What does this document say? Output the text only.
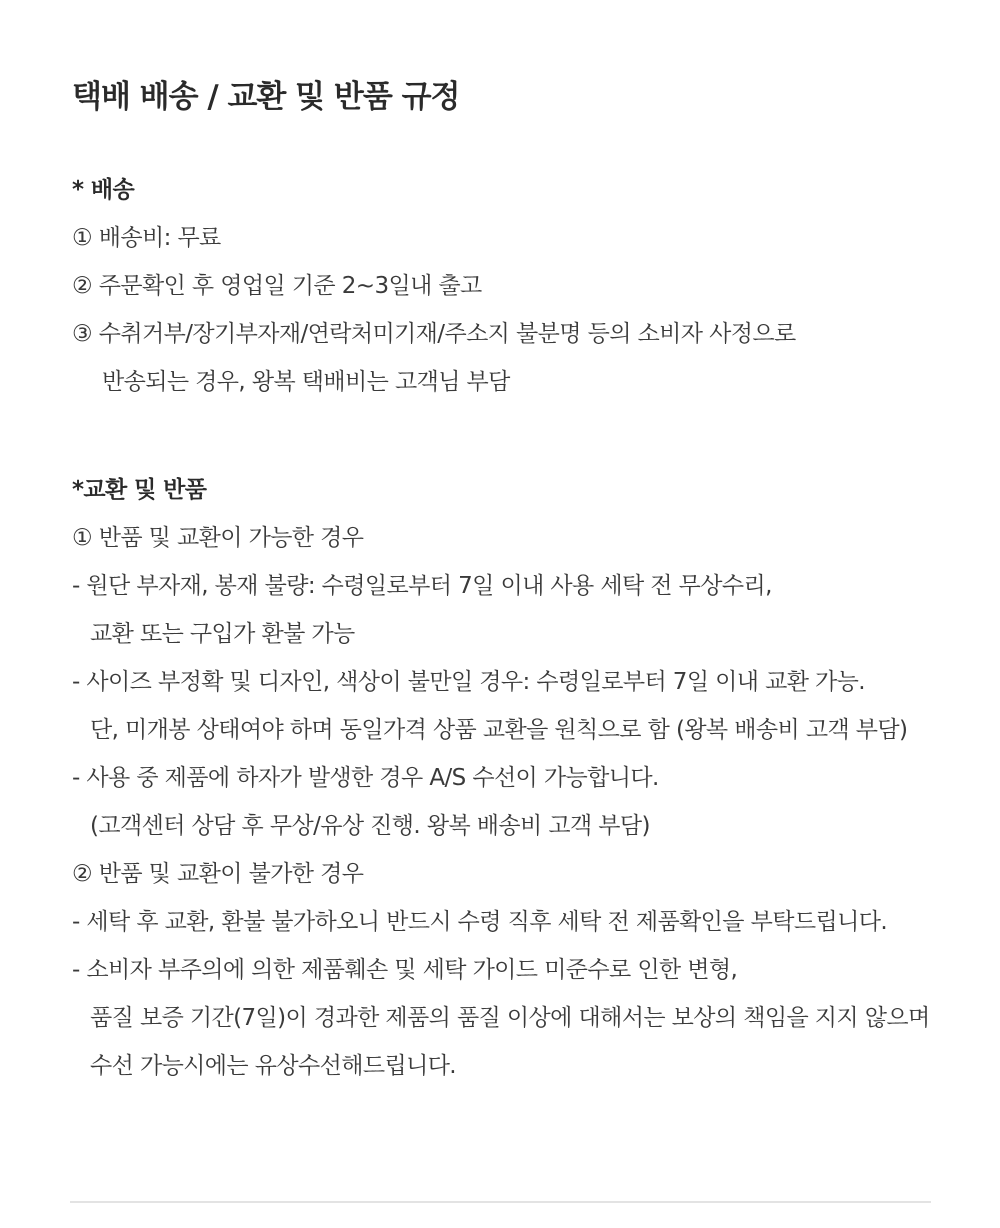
택배 배송 / 교환 및 반품 규정

* 배송

① 배송비: 무료

② 주문확인 후 영업일 기준 2~3일내 출고

③ 수취거부/장기부자재/연락처미기재/주소지 불분명 등의 소비자 사정으로

반송되는 경우, 왕복 택배비는 고객님 부담

*교환 및 반품

① 반품 및 교환이 가능한 경우

- 원단 부자재, 봉재 불량: 수령일로부터 7일 이내 사용 세탁 전 무상수리,

교환 또는 구입가 환불 가능

- 사이즈 부정확 및 디자인, 색상이 불만일 경우: 수령일로부터 7일 이내 교환 가능.

단, 미개봉 상태여야 하며 동일가격 상품 교환을 원칙으로 함 (왕복 배송비 고객 부담)

- 사용 중 제품에 하자가 발생한 경우 A/S 수선이 가능합니다.

(고객센터 상담 후 무상/유상 진행. 왕복 배송비 고객 부담)

② 반품 및 교환이 불가한 경우

- 세탁 후 교환, 환불 불가하오니 반드시 수령 직후 세탁 전 제품확인을 부탁드립니다.

- 소비자 부주의에 의한 제품훼손 및 세탁 가이드 미준수로 인한 변형,

품질 보증 기간(7일)이 경과한 제품의 품질 이상에 대해서는 보상의 책임을 지지 않으며

수선 가능시에는 유상수선해드립니다.
